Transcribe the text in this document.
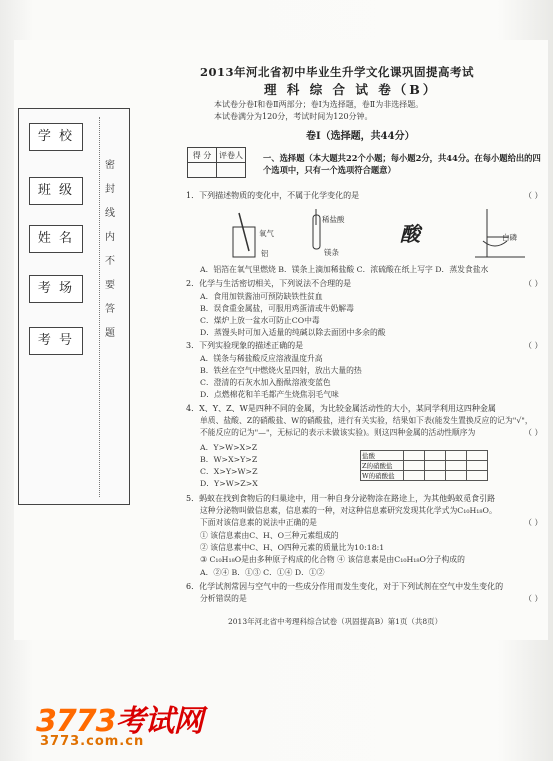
学 校
班 级
姓 名
考 场
考 号
密
封
线
内
不
要
答
题
2013年河北省初中毕业生升学文化课巩固提高考试
理 科 综 合 试 卷（B）
本试卷分卷Ⅰ和卷Ⅱ两部分；卷Ⅰ为选择题，卷Ⅱ为非选择题。
本试卷满分为120分，考试时间为120分钟。
卷Ⅰ（选择题，共44分）
得 分	评卷人
	一、选择题（本大题共22个小题；每小题2分，共44分。在每小题给出的四个选项中，只有一个选项符合题意）
1．下列描述物质的变化中，不属于化学变化的是	（ ）
氧气
铝
稀盐酸
镁条
酸	白磷
A．铝箔在氧气里燃烧 B．镁条上滴加稀盐酸 C．浓硫酸在纸上写字 D．蒸发食盐水
2．化学与生活密切相关，下列说法不合理的是	（ ）
A．食用加铁酱油可预防缺铁性贫血
B．误食重金属盐，可服用鸡蛋清或牛奶解毒
C．煤炉上放一盆水可防止CO中毒
D．蒸馒头时可加入适量的纯碱以除去面团中多余的酸
3．下列实验现象的描述正确的是	（ ）
A．镁条与稀盐酸反应溶液温度升高
B．铁丝在空气中燃烧火星四射，放出大量的热
C．澄清的石灰水加入酚酞溶液变蓝色
D．点燃棉花和羊毛都产生烧焦羽毛气味
4．X、Y、Z、W是四种不同的金属，为比较金属活动性的大小，某同学利用这四种金属
单质、盐酸、Z的硝酸盐、W的硝酸盐，进行有关实验，结果如下表(能发生置换反应的记为"√"，
不能反应的记为"—"，无标记的表示未做该实验)。则这四种金属的活动性顺序为	（ ）
A．Y>W>X>Z
B．W>X>Y>Z
C．X>Y>W>Z
D．Y>W>Z>X
盐酸				
Z的硝酸盐				
W的硝酸盐				
5．蚂蚁在找到食物后的归巢途中，用一种自身分泌物涂在路途上，为其他蚂蚁觅食引路
这种分泌物叫做信息素，信息素的一种，对这种信息素研究发现其化学式为C₁₀H₁₈O。
下面对该信息素的说法中正确的是	（ ）
① 该信息素由C、H、O三种元素组成的
② 该信息素中C、H、O四种元素的质量比为10:18:1
③ C₁₀H₁₈O是由多种原子构成的化合物 ④ 该信息素是由C₁₀H₁₈O分子构成的
A．②④ B．①③ C．①④ D．①②
6．化学试剂常因与空气中的一些成分作用而发生变化，对于下列试剂在空气中发生变化的
分析错误的是	（ ）
2013年河北省中考理科综合试卷（巩固提高B）第1页（共8页）
3773考试网
3773.com.cn
